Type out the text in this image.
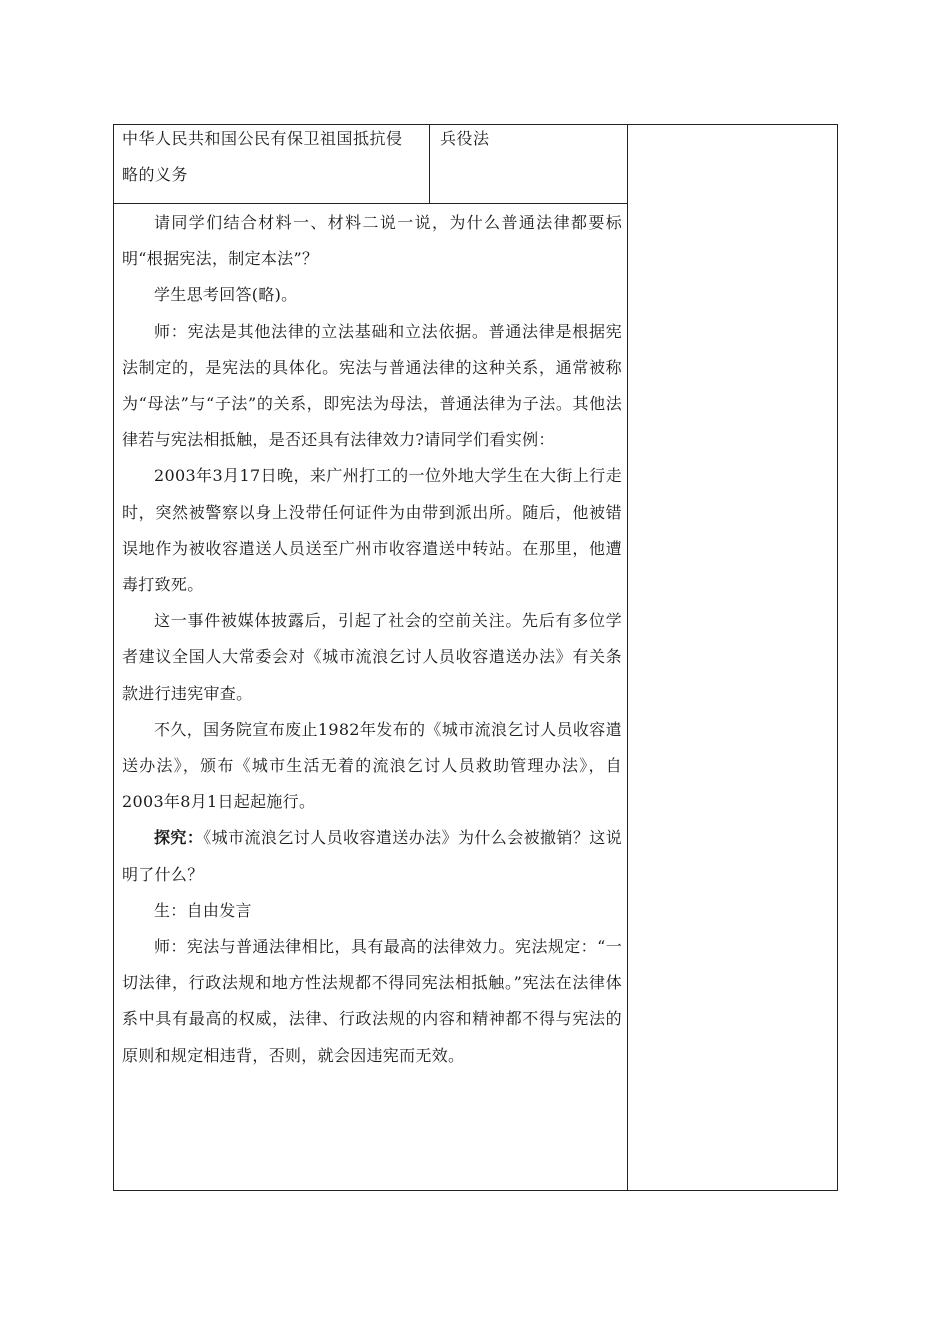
中华人民共和国公民有保卫祖国抵抗侵
略的义务
兵役法

请同学们结合材料一、材料二说一说，为什么普通法律都要标明“根据宪法，制定本法”？

学生思考回答(略)。

师：宪法是其他法律的立法基础和立法依据。普通法律是根据宪法制定的，是宪法的具体化。宪法与普通法律的这种关系，通常被称为“母法”与“子法”的关系，即宪法为母法，普通法律为子法。其他法律若与宪法相抵触，是否还具有法律效力?请同学们看实例：

2003年3月17日晚，来广州打工的一位外地大学生在大街上行走时，突然被警察以身上没带任何证件为由带到派出所。随后，他被错误地作为被收容遣送人员送至广州市收容遣送中转站。在那里，他遭毒打致死。

这一事件被媒体披露后，引起了社会的空前关注。先后有多位学者建议全国人大常委会对《城市流浪乞讨人员收容遣送办法》有关条款进行违宪审查。

不久，国务院宣布废止1982年发布的《城市流浪乞讨人员收容遣送办法》，颁布《城市生活无着的流浪乞讨人员救助管理办法》，自2003年8月1日起起施行。

探究：《城市流浪乞讨人员收容遣送办法》为什么会被撤销？这说明了什么？

生：自由发言

师：宪法与普通法律相比，具有最高的法律效力。宪法规定：“一切法律，行政法规和地方性法规都不得同宪法相抵触。”宪法在法律体系中具有最高的权威，法律、行政法规的内容和精神都不得与宪法的原则和规定相违背，否则，就会因违宪而无效。
